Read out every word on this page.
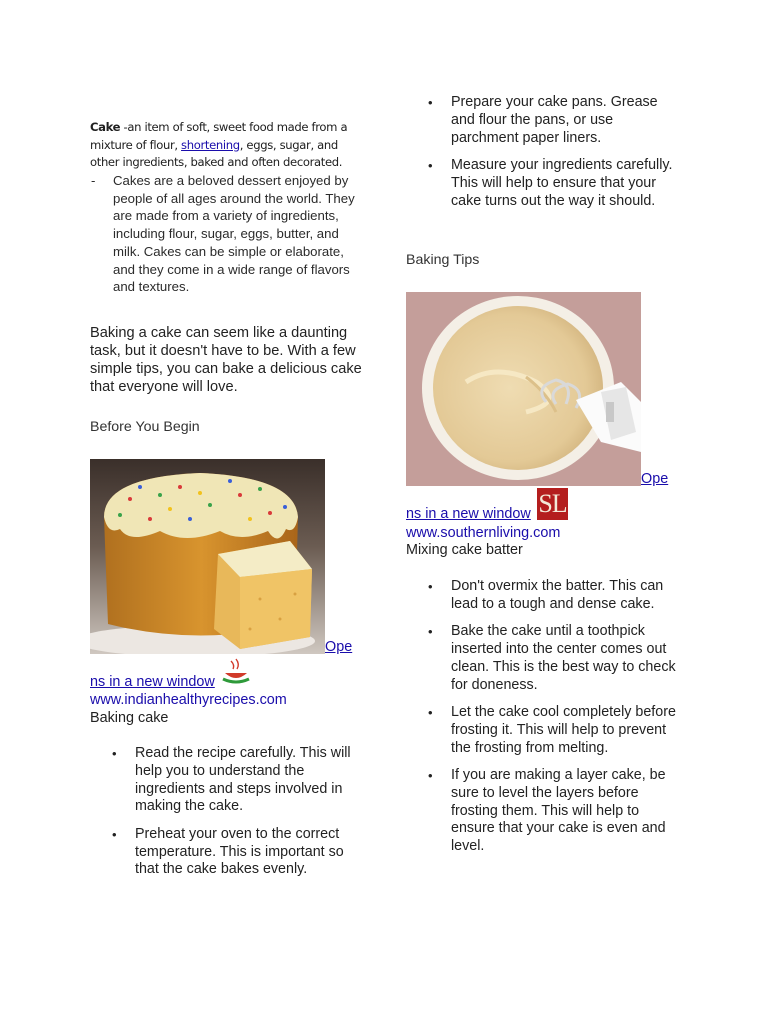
Cake -an item of soft, sweet food made from a mixture of flour, shortening, eggs, sugar, and other ingredients, baked and often decorated.
- Cakes are a beloved dessert enjoyed by people of all ages around the world. They are made from a variety of ingredients, including flour, sugar, eggs, butter, and milk. Cakes can be simple or elaborate, and they come in a wide range of flavors and textures.
Baking a cake can seem like a daunting task, but it doesn't have to be. With a few simple tips, you can bake a delicious cake that everyone will love.
Before You Begin
Ope
ns in a new window
www.indianhealthyrecipes.com
Baking cake
• Read the recipe carefully. This will help you to understand the ingredients and steps involved in making the cake.
• Preheat your oven to the correct temperature. This is important so that the cake bakes evenly.
• Prepare your cake pans. Grease and flour the pans, or use parchment paper liners.
• Measure your ingredients carefully. This will help to ensure that your cake turns out the way it should.
Baking Tips
Ope
ns in a new window SL
www.southernliving.com
Mixing cake batter
• Don't overmix the batter. This can lead to a tough and dense cake.
• Bake the cake until a toothpick inserted into the center comes out clean. This is the best way to check for doneness.
• Let the cake cool completely before frosting it. This will help to prevent the frosting from melting.
• If you are making a layer cake, be sure to level the layers before frosting them. This will help to ensure that your cake is even and level.
